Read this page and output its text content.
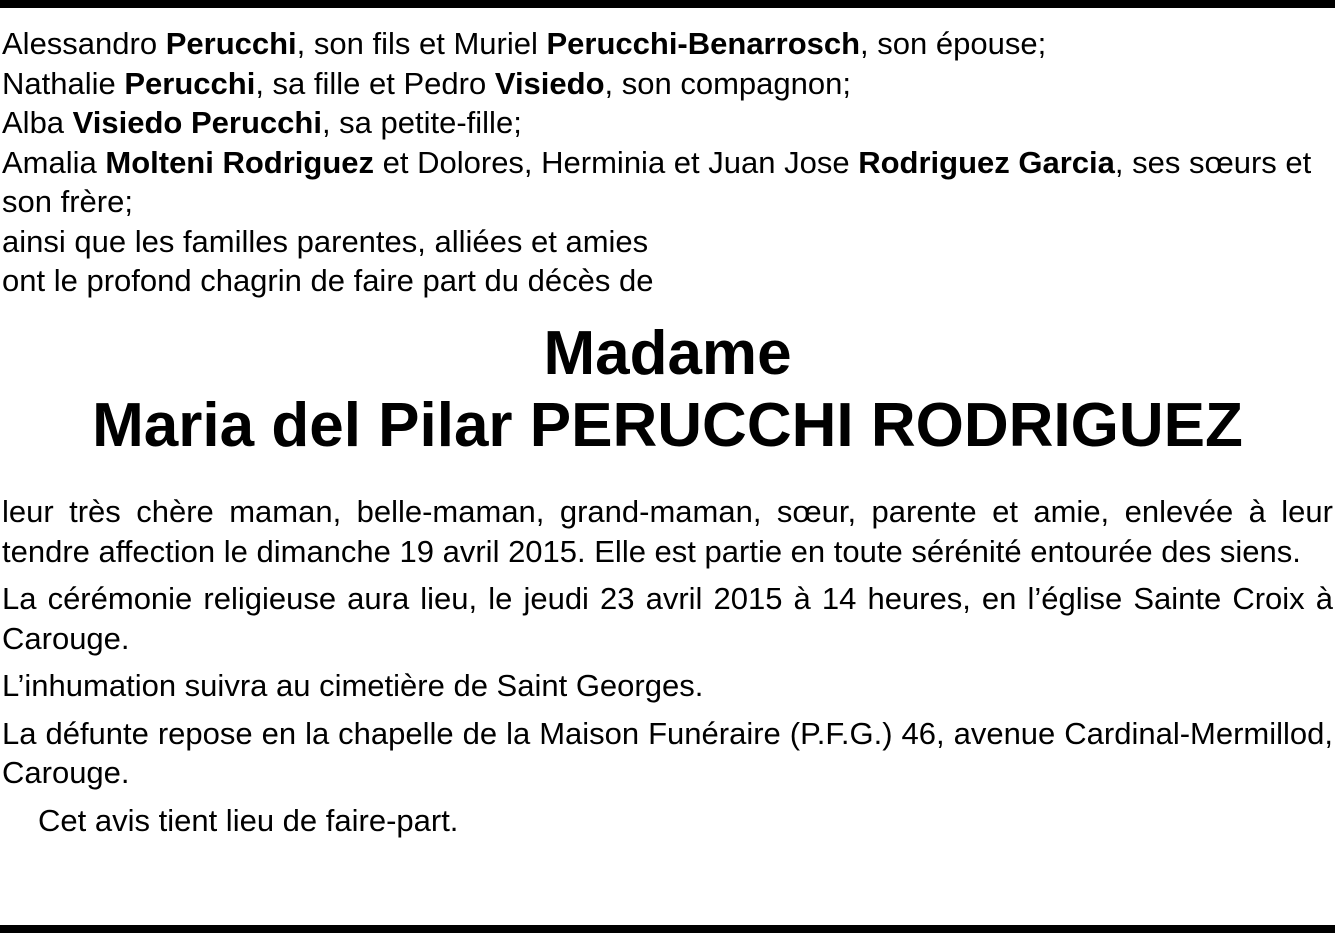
Alessandro Perucchi, son fils et Muriel Perucchi-Benarrosch, son épouse;
Nathalie Perucchi, sa fille et Pedro Visiedo, son compagnon;
Alba Visiedo Perucchi, sa petite-fille;
Amalia Molteni Rodriguez et Dolores, Herminia et Juan Jose Rodriguez Garcia, ses sœurs et son frère;
ainsi que les familles parentes, alliées et amies
ont le profond chagrin de faire part du décès de
Madame
Maria del Pilar PERUCCHI RODRIGUEZ

leur très chère maman, belle-maman, grand-maman, sœur, parente et amie, enlevée à leur tendre affection le dimanche 19 avril 2015. Elle est partie en toute sérénité entourée des siens.

La cérémonie religieuse aura lieu, le jeudi 23 avril 2015 à 14 heures, en l’église Sainte Croix à Carouge.

L’inhumation suivra au cimetière de Saint Georges.

La défunte repose en la chapelle de la Maison Funéraire (P.F.G.) 46, avenue Cardinal-Mermillod, Carouge.

Cet avis tient lieu de faire-part.
